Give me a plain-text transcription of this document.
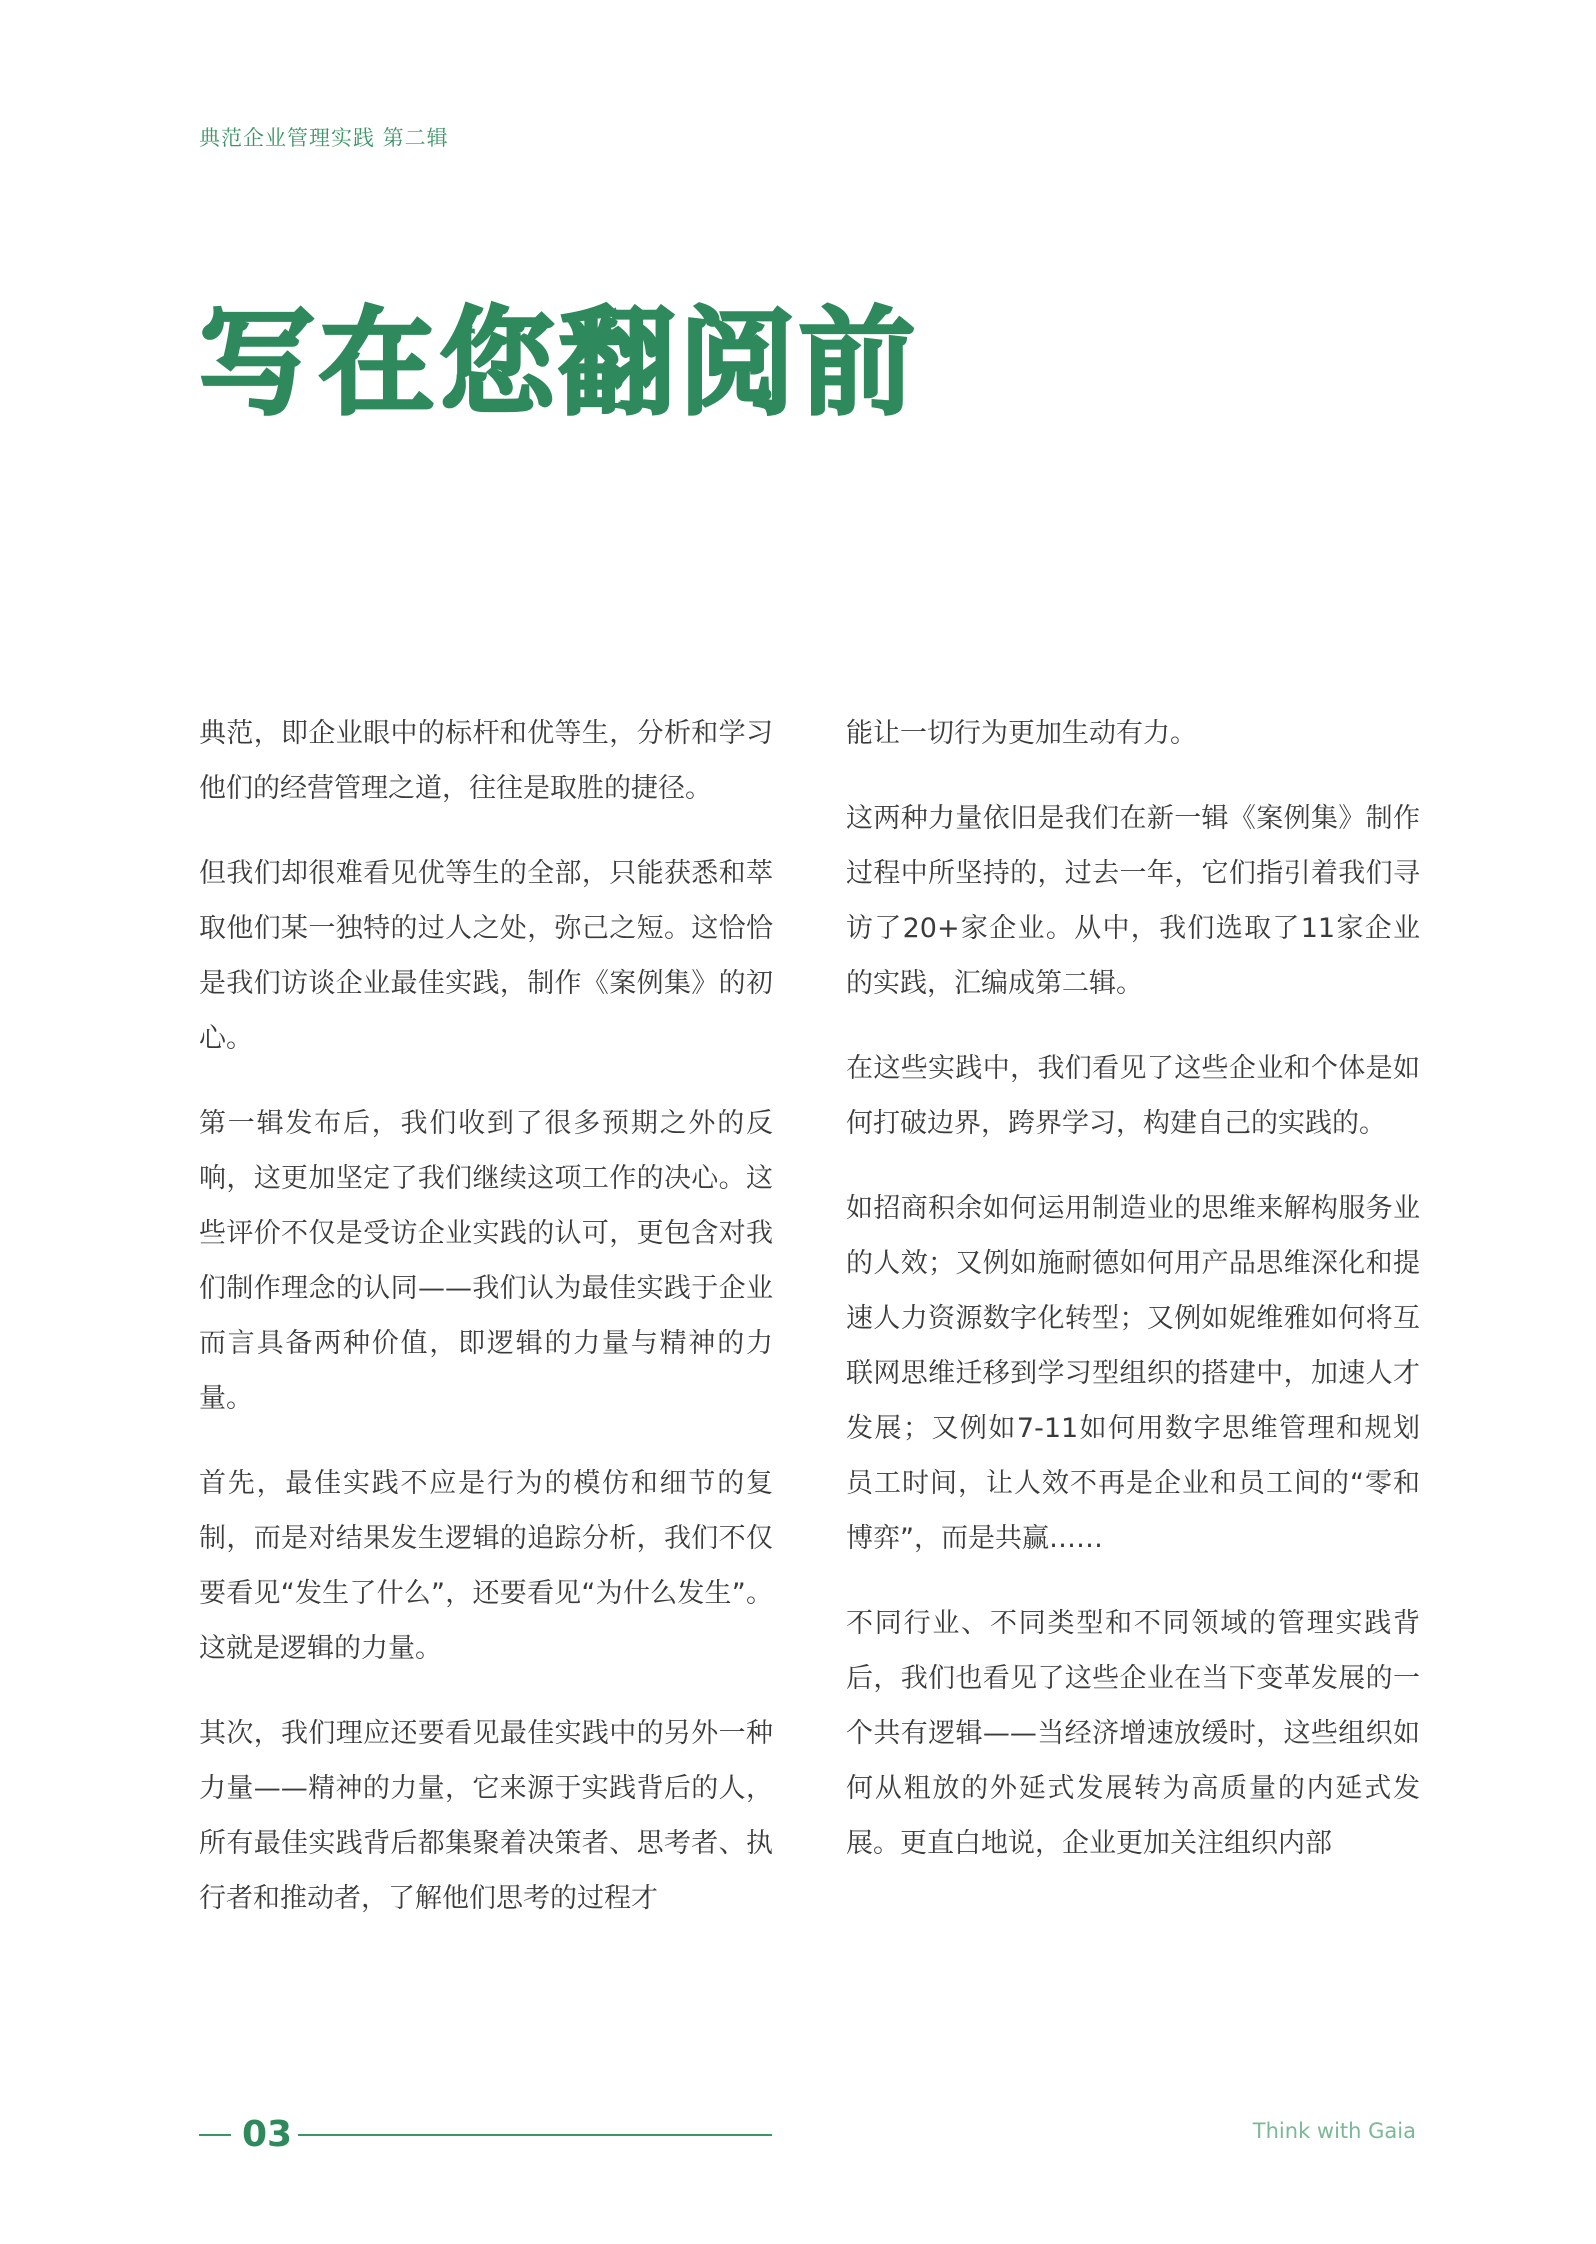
典范企业管理实践 第二辑
写在您翻阅前

典范，即企业眼中的标杆和优等生，分析和学习他们的经营管理之道，往往是取胜的捷径。

但我们却很难看见优等生的全部，只能获悉和萃取他们某一独特的过人之处，弥己之短。这恰恰是我们访谈企业最佳实践，制作《案例集》的初心。

第一辑发布后，我们收到了很多预期之外的反响，这更加坚定了我们继续这项工作的决心。这些评价不仅是受访企业实践的认可，更包含对我们制作理念的认同——我们认为最佳实践于企业而言具备两种价值，即逻辑的力量与精神的力量。

首先，最佳实践不应是行为的模仿和细节的复制，而是对结果发生逻辑的追踪分析，我们不仅要看见“发生了什么”，还要看见“为什么发生”。这就是逻辑的力量。

其次，我们理应还要看见最佳实践中的另外一种力量——精神的力量，它来源于实践背后的人，所有最佳实践背后都集聚着决策者、思考者、执行者和推动者，了解他们思考的过程才

能让一切行为更加生动有力。

这两种力量依旧是我们在新一辑《案例集》制作过程中所坚持的，过去一年，它们指引着我们寻访了20+家企业。从中，我们选取了11家企业的实践，汇编成第二辑。

在这些实践中，我们看见了这些企业和个体是如何打破边界，跨界学习，构建自己的实践的。

如招商积余如何运用制造业的思维来解构服务业的人效；又例如施耐德如何用产品思维深化和提速人力资源数字化转型；又例如妮维雅如何将互联网思维迁移到学习型组织的搭建中，加速人才发展；又例如7-11如何用数字思维管理和规划员工时间，让人效不再是企业和员工间的“零和博弈”，而是共赢……

不同行业、不同类型和不同领域的管理实践背后，我们也看见了这些企业在当下变革发展的一个共有逻辑——当经济增速放缓时，这些组织如何从粗放的外延式发展转为高质量的内延式发展。更直白地说，企业更加关注组织内部

03	Think with Gaia
